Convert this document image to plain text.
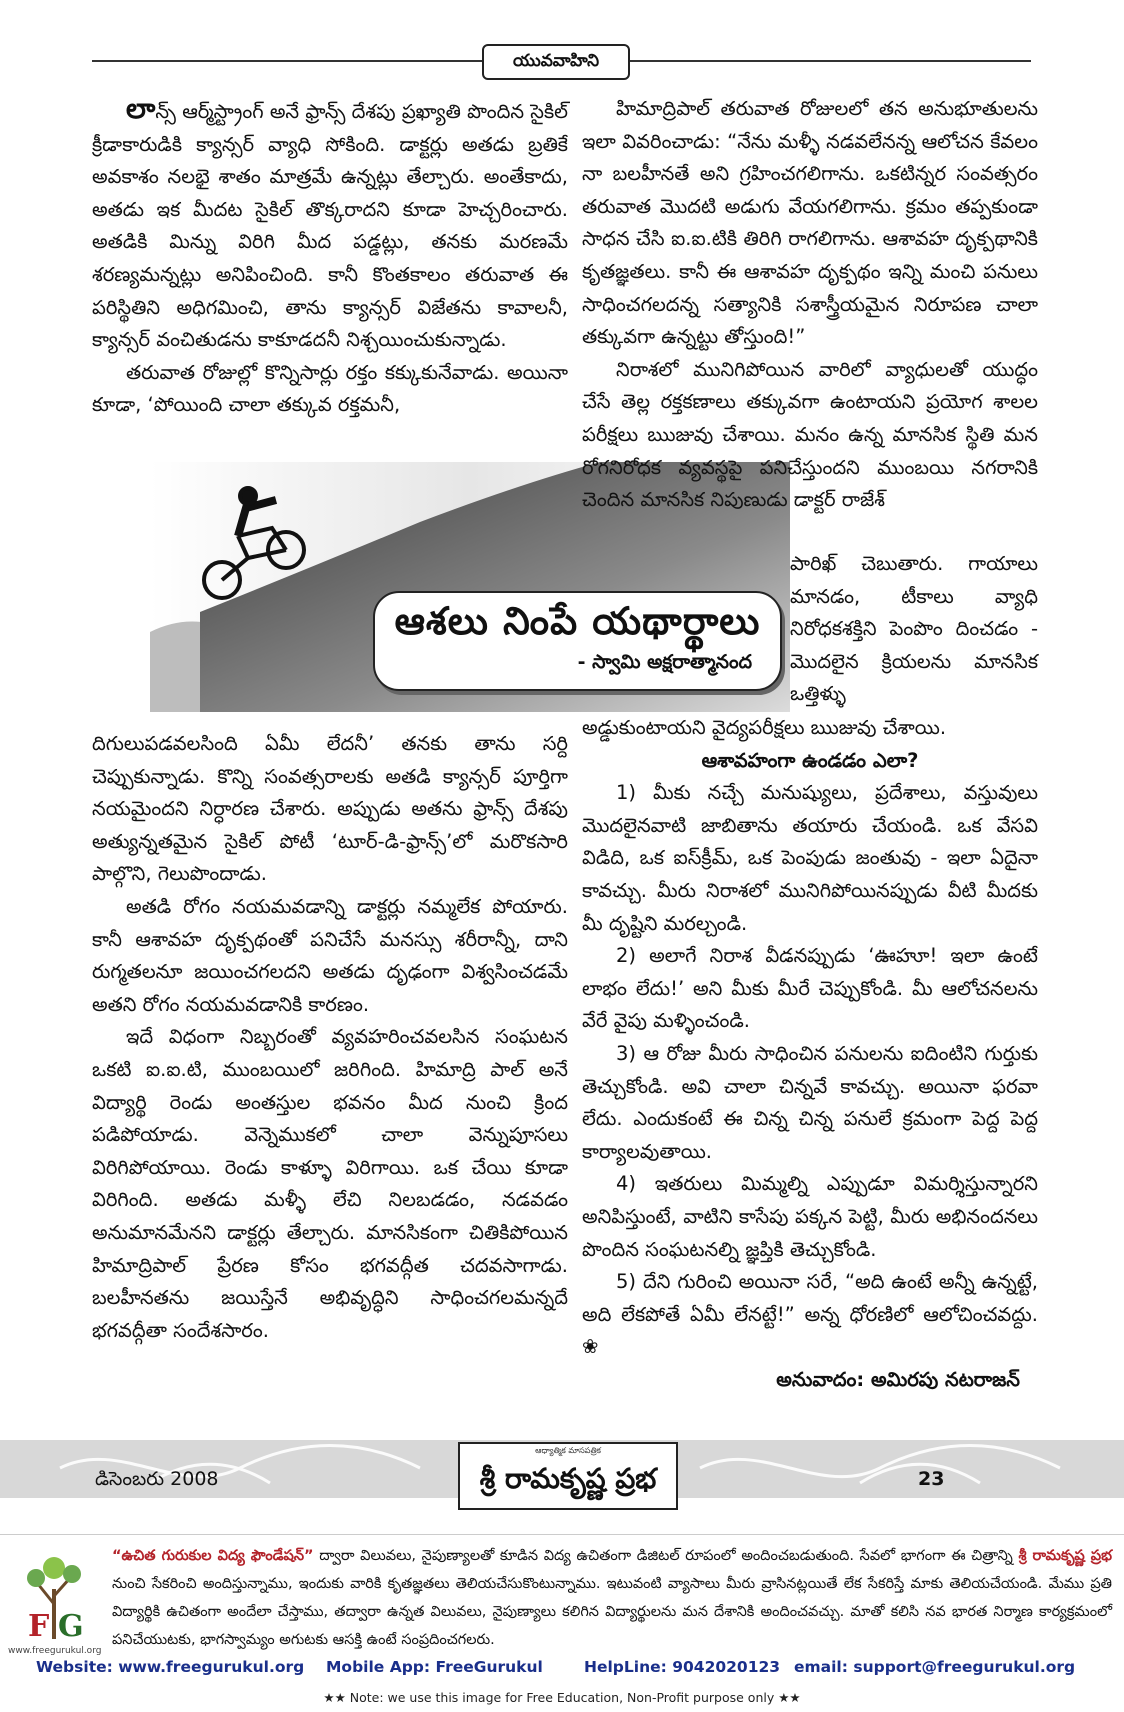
యువవాహిని

లాన్స్ ఆర్మ్‌స్ట్రాంగ్ అనే ఫ్రాన్స్ దేశపు ప్రఖ్యాతి పొందిన సైకిల్ క్రీడాకారుడికి క్యాన్సర్ వ్యాధి సోకింది. డాక్టర్లు అతడు బ్రతికే అవకాశం నలభై శాతం మాత్రమే ఉన్నట్లు తేల్చారు. అంతేకాదు, అతడు ఇక మీదట సైకిల్ తొక్కరాదని కూడా హెచ్చరించారు. అతడికి మిన్ను విరిగి మీద పడ్డట్లు, తనకు మరణమే శరణ్యమన్నట్లు అనిపించింది. కానీ కొంతకాలం తరువాత ఈ పరిస్థితిని అధిగమించి, తాను క్యాన్సర్ విజేతను కావాలనీ, క్యాన్సర్ వంచితుడను కాకూడదనీ నిశ్చయించుకున్నాడు.

తరువాత రోజుల్లో కొన్నిసార్లు రక్తం కక్కుకునేవాడు. అయినా కూడా, ‘పోయింది చాలా తక్కువ రక్తమనీ,

ఆశలు నింపే యథార్థాలు
- స్వామి అక్షరాత్మానంద

దిగులుపడవలసింది ఏమీ లేదనీ’ తనకు తాను సర్ది చెప్పుకున్నాడు. కొన్ని సంవత్సరాలకు అతడి క్యాన్సర్ పూర్తిగా నయమైందని నిర్ధారణ చేశారు. అప్పుడు అతను ఫ్రాన్స్ దేశపు అత్యున్నతమైన సైకిల్ పోటీ ‘టూర్-డి-ఫ్రాన్స్’లో మరొకసారి పాల్గొని, గెలుపొందాడు.

అతడి రోగం నయమవడాన్ని డాక్టర్లు నమ్మలేక పోయారు. కానీ ఆశావహ దృక్పథంతో పనిచేసే మనస్సు శరీరాన్నీ, దాని రుగ్మతలనూ జయించగలదని అతడు దృఢంగా విశ్వసించడమే అతని రోగం నయమవడానికి కారణం.

ఇదే విధంగా నిబ్బరంతో వ్యవహరించవలసిన సంఘటన ఒకటి ఐ.ఐ.టి, ముంబయిలో జరిగింది. హిమాద్రి పాల్ అనే విద్యార్థి రెండు అంతస్తుల భవనం మీద నుంచి క్రింద పడిపోయాడు. వెన్నెముకలో చాలా వెన్నుపూసలు విరిగిపోయాయి. రెండు కాళ్ళూ విరిగాయి. ఒక చేయి కూడా విరిగింది. అతడు మళ్ళీ లేచి నిలబడడం, నడవడం అనుమానమేనని డాక్టర్లు తేల్చారు. మానసికంగా చితికిపోయిన హిమాద్రిపాల్ ప్రేరణ కోసం భగవద్గీత చదవసాగాడు. బలహీనతను జయిస్తేనే అభివృద్ధిని సాధించగలమన్నదే భగవద్గీతా సందేశసారం.

హిమాద్రిపాల్ తరువాత రోజులలో తన అనుభూతులను ఇలా వివరించాడు: “నేను మళ్ళీ నడవలేనన్న ఆలోచన కేవలం నా బలహీనతే అని గ్రహించగలిగాను. ఒకటిన్నర సంవత్సరం తరువాత మొదటి అడుగు వేయగలిగాను. క్రమం తప్పకుండా సాధన చేసి ఐ.ఐ.టికి తిరిగి రాగలిగాను. ఆశావహ దృక్పథానికి కృతజ్ఞతలు. కానీ ఈ ఆశావహ దృక్పథం ఇన్ని మంచి పనులు సాధించగలదన్న సత్యానికి సశాస్త్రీయమైన నిరూపణ చాలా తక్కువగా ఉన్నట్టు తోస్తుంది!”

నిరాశలో మునిగిపోయిన వారిలో వ్యాధులతో యుద్ధం చేసే తెల్ల రక్తకణాలు తక్కువగా ఉంటాయని ప్రయోగ శాలల పరీక్షలు ఋజువు చేశాయి. మనం ఉన్న మానసిక స్థితి మన రోగనిరోధక వ్యవస్థపై పనిచేస్తుందని ముంబయి నగరానికి చెందిన మానసిక నిపుణుడు డాక్టర్ రాజేశ్

పారిఖ్ చెబుతారు. గాయాలు మానడం, టీకాలు వ్యాధి నిరోధకశక్తిని పెంపొం దించడం - మొదలైన క్రియలను మానసిక ఒత్తిళ్ళు

అడ్డుకుంటాయని వైద్యపరీక్షలు ఋజువు చేశాయి.

ఆశావహంగా ఉండడం ఎలా?

1) మీకు నచ్చే మనుష్యులు, ప్రదేశాలు, వస్తువులు మొదలైనవాటి జాబితాను తయారు చేయండి. ఒక వేసవి విడిది, ఒక ఐస్‌క్రీమ్, ఒక పెంపుడు జంతువు - ఇలా ఏదైనా కావచ్చు. మీరు నిరాశలో మునిగిపోయినప్పుడు వీటి మీదకు మీ దృష్టిని మరల్చండి.

2) అలాగే నిరాశ వీడనప్పుడు ‘ఊహూ! ఇలా ఉంటే లాభం లేదు!’ అని మీకు మీరే చెప్పుకోండి. మీ ఆలోచనలను వేరే వైపు మళ్ళించండి.

3) ఆ రోజు మీరు సాధించిన పనులను ఐదింటిని గుర్తుకు తెచ్చుకోండి. అవి చాలా చిన్నవే కావచ్చు. అయినా ఫరవా లేదు. ఎందుకంటే ఈ చిన్న చిన్న పనులే క్రమంగా పెద్ద పెద్ద కార్యాలవుతాయి.

4) ఇతరులు మిమ్మల్ని ఎప్పుడూ విమర్శిస్తున్నారని అనిపిస్తుంటే, వాటిని కాసేపు పక్కన పెట్టి, మీరు అభినందనలు పొందిన సంఘటనల్ని జ్ఞప్తికి తెచ్చుకోండి.

5) దేని గురించి అయినా సరే, “అది ఉంటే అన్నీ ఉన్నట్టే, అది లేకపోతే ఏమీ లేనట్టే!” అన్న ధోరణిలో ఆలోచించవద్దు. ❀

అనువాదం: అమిరపు నటరాజన్

డిసెంబరు 2008
ఆధ్యాత్మిక మాసపత్రిక
శ్రీ రామకృష్ణ ప్రభ	23
F G
www.freegurukul.org
“ఉచిత గురుకుల విద్య ఫౌండేషన్” ద్వారా విలువలు, నైపుణ్యాలతో కూడిన విద్య ఉచితంగా డిజిటల్ రూపంలో అందించబడుతుంది. సేవలో భాగంగా ఈ చిత్రాన్ని శ్రీ రామకృష్ణ ప్రభ నుంచి సేకరించి అందిస్తున్నాము, ఇందుకు వారికి కృతజ్ఞతలు తెలియచేసుకొంటున్నాము. ఇటువంటి వ్యాసాలు మీరు వ్రాసినట్లయితే లేక సేకరిస్తే మాకు తెలియచేయండి. మేము ప్రతి విద్యార్థికి ఉచితంగా అందేలా చేస్తాము, తద్వారా ఉన్నత విలువలు, నైపుణ్యాలు కలిగిన విద్యార్థులను మన దేశానికి అందించవచ్చు. మాతో కలిసి నవ భారత నిర్మాణ కార్యక్రమంలో పనిచేయుటకు, భాగస్వామ్యం అగుటకు ఆసక్తి ఉంటే సంప్రదించగలరు.
Website: www.freegurukul.org Mobile App: FreeGurukul	HelpLine: 9042020123 email: support@freegurukul.org
★★ Note: we use this image for Free Education, Non-Profit purpose only ★★
